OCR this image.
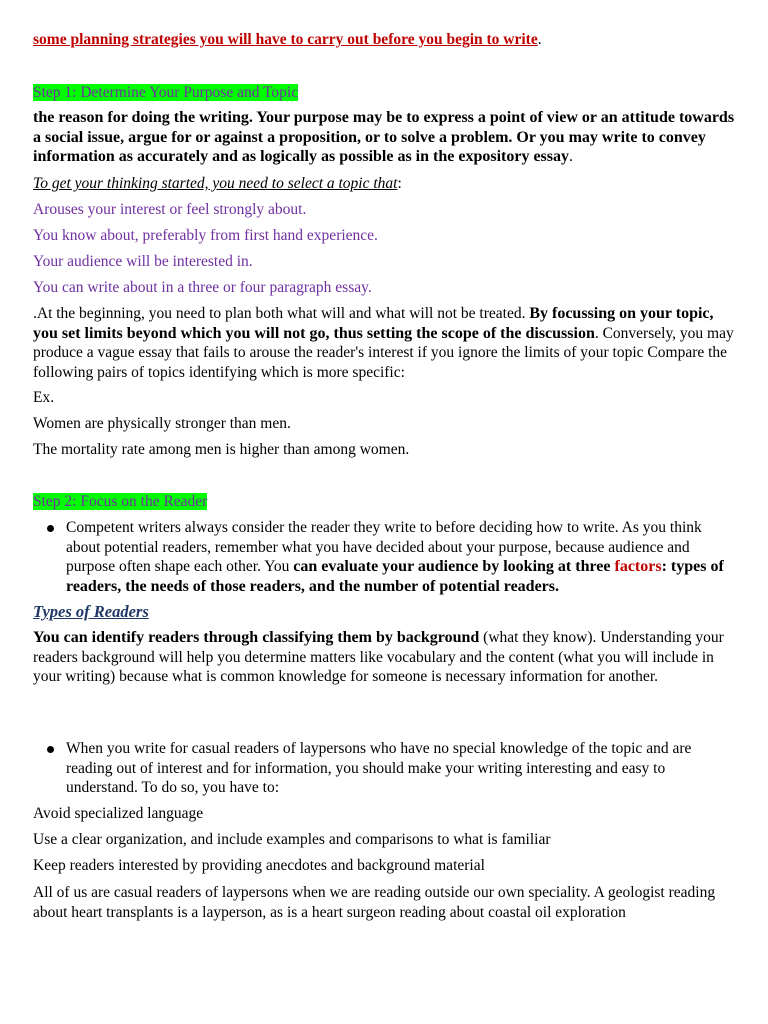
some planning strategies you will have to carry out before you begin to write.

Step 1: Determine Your Purpose and Topic

the reason for doing the writing. Your purpose may be to express a point of view or an attitude towards a social issue, argue for or against a proposition, or to solve a problem. Or you may write to convey information as accurately and as logically as possible as in the expository essay.

To get your thinking started, you need to select a topic that:

Arouses your interest or feel strongly about.

You know about, preferably from first hand experience.

Your audience will be interested in.

You can write about in a three or four paragraph essay.

.At the beginning, you need to plan both what will and what will not be treated. By focussing on your topic, you set limits beyond which you will not go, thus setting the scope of the discussion. Conversely, you may produce a vague essay that fails to arouse the reader's interest if you ignore the limits of your topic Compare the following pairs of topics identifying which is more specific:

Ex.

Women are physically stronger than men.

The mortality rate among men is higher than among women.

Step 2: Focus on the Reader

Competent writers always consider the reader they write to before deciding how to write. As you think about potential readers, remember what you have decided about your purpose, because audience and purpose often shape each other. You can evaluate your audience by looking at three factors: types of readers, the needs of those readers, and the number of potential readers.

Types of Readers

You can identify readers through classifying them by background (what they know). Understanding your readers background will help you determine matters like vocabulary and the content (what you will include in your writing) because what is common knowledge for someone is necessary information for another.

When you write for casual readers of laypersons who have no special knowledge of the topic and are reading out of interest and for information, you should make your writing interesting and easy to understand. To do so, you have to:

Avoid specialized language

Use a clear organization, and include examples and comparisons to what is familiar

Keep readers interested by providing anecdotes and background material

All of us are casual readers of laypersons when we are reading outside our own speciality. A geologist reading about heart transplants is a layperson, as is a heart surgeon reading about coastal oil exploration
